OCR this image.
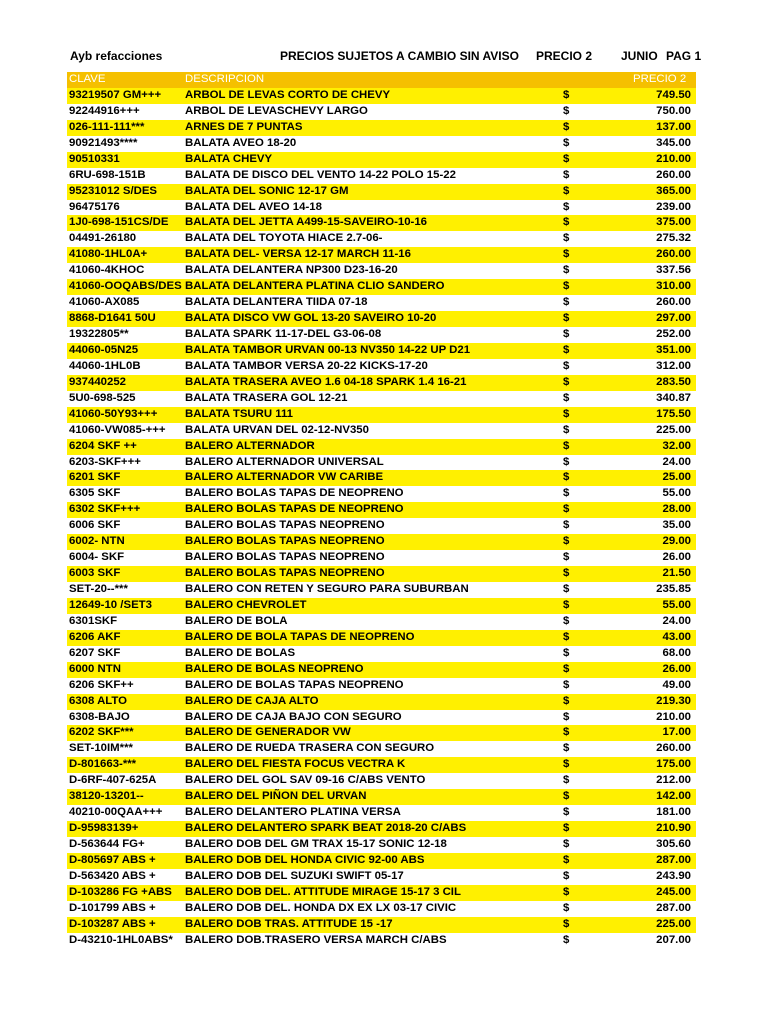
Ayb refacciones	PRECIOS SUJETOS A CAMBIO SIN AVISO PRECIO 2 JUNIO PAG 1
CLAVE	DESCRIPCION		PRECIO 2
93219507 GM+++	ARBOL DE LEVAS CORTO DE CHEVY	$	749.50
92244916+++	ARBOL DE LEVASCHEVY LARGO	$	750.00
026-111-111***	ARNES DE 7 PUNTAS	$	137.00
90921493****	BALATA AVEO 18-20	$	345.00
90510331	BALATA CHEVY	$	210.00
6RU-698-151B	BALATA DE DISCO DEL VENTO 14-22 POLO 15-22	$	260.00
95231012 S/DES	BALATA DEL SONIC 12-17 GM	$	365.00
96475176	BALATA DEL AVEO 14-18	$	239.00
1J0-698-151CS/DE	BALATA DEL JETTA A499-15-SAVEIRO-10-16	$	375.00
04491-26180	BALATA DEL TOYOTA HIACE 2.7-06-	$	275.32
41080-1HL0A+	BALATA DEL- VERSA 12-17 MARCH 11-16	$	260.00
41060-4KHOC	BALATA DELANTERA NP300 D23-16-20	$	337.56
41060-OOQABS/DES	BALATA DELANTERA PLATINA CLIO SANDERO	$	310.00
41060-AX085	BALATA DELANTERA TIIDA 07-18	$	260.00
8868-D1641 50U	BALATA DISCO VW GOL 13-20 SAVEIRO 10-20	$	297.00
19322805**	BALATA SPARK 11-17-DEL G3-06-08	$	252.00
44060-05N25	BALATA TAMBOR URVAN 00-13 NV350 14-22 UP D21	$	351.00
44060-1HL0B	BALATA TAMBOR VERSA 20-22 KICKS-17-20	$	312.00
937440252	BALATA TRASERA AVEO 1.6 04-18 SPARK 1.4 16-21	$	283.50
5U0-698-525	BALATA TRASERA GOL 12-21	$	340.87
41060-50Y93+++	BALATA TSURU 111	$	175.50
41060-VW085-+++	BALATA URVAN DEL 02-12-NV350	$	225.00
6204 SKF ++	BALERO ALTERNADOR	$	32.00
6203-SKF+++	BALERO ALTERNADOR UNIVERSAL	$	24.00
6201 SKF	BALERO ALTERNADOR VW CARIBE	$	25.00
6305 SKF	BALERO BOLAS TAPAS DE NEOPRENO	$	55.00
6302 SKF+++	BALERO BOLAS TAPAS DE NEOPRENO	$	28.00
6006 SKF	BALERO BOLAS TAPAS NEOPRENO	$	35.00
6002- NTN	BALERO BOLAS TAPAS NEOPRENO	$	29.00
6004- SKF	BALERO BOLAS TAPAS NEOPRENO	$	26.00
6003 SKF	BALERO BOLAS TAPAS NEOPRENO	$	21.50
SET-20--***	BALERO CON RETEN Y SEGURO PARA SUBURBAN	$	235.85
12649-10 /SET3	BALERO CHEVROLET	$	55.00
6301SKF	BALERO DE BOLA	$	24.00
6206 AKF	BALERO DE BOLA TAPAS DE NEOPRENO	$	43.00
6207 SKF	BALERO DE BOLAS	$	68.00
6000 NTN	BALERO DE BOLAS NEOPRENO	$	26.00
6206 SKF++	BALERO DE BOLAS TAPAS NEOPRENO	$	49.00
6308 ALTO	BALERO DE CAJA ALTO	$	219.30
6308-BAJO	BALERO DE CAJA BAJO CON SEGURO	$	210.00
6202 SKF***	BALERO DE GENERADOR VW	$	17.00
SET-10IM***	BALERO DE RUEDA TRASERA CON SEGURO	$	260.00
D-801663-***	BALERO DEL FIESTA FOCUS VECTRA K	$	175.00
D-6RF-407-625A	BALERO DEL GOL SAV 09-16 C/ABS VENTO	$	212.00
38120-13201--	BALERO DEL PIÑON DEL URVAN	$	142.00
40210-00QAA+++	BALERO DELANTERO PLATINA VERSA	$	181.00
D-95983139+	BALERO DELANTERO SPARK BEAT 2018-20 C/ABS	$	210.90
D-563644 FG+	BALERO DOB DEL GM TRAX 15-17 SONIC 12-18	$	305.60
D-805697 ABS +	BALERO DOB DEL HONDA CIVIC 92-00 ABS	$	287.00
D-563420 ABS +	BALERO DOB DEL SUZUKI SWIFT 05-17	$	243.90
D-103286 FG +ABS	BALERO DOB DEL. ATTITUDE MIRAGE 15-17 3 CIL	$	245.00
D-101799 ABS +	BALERO DOB DEL. HONDA DX EX LX 03-17 CIVIC	$	287.00
D-103287 ABS +	BALERO DOB TRAS. ATTITUDE 15 -17	$	225.00
D-43210-1HL0ABS*	BALERO DOB.TRASERO VERSA MARCH C/ABS	$	207.00
